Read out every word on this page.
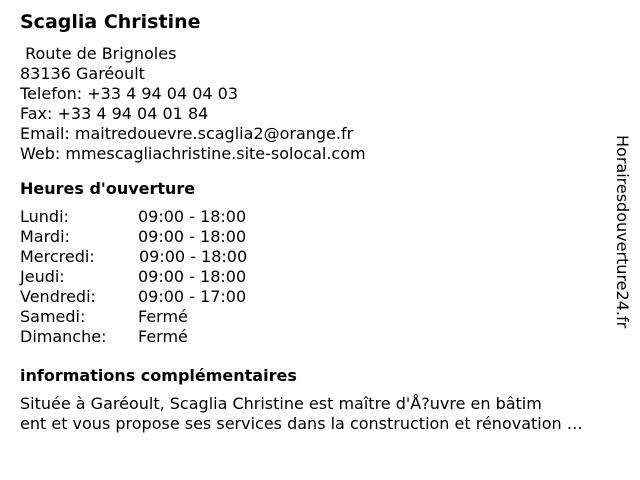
Scaglia Christine
Route de Brignoles
83136 Garéoult
Telefon: +33 4 94 04 04 03
Fax: +33 4 94 04 01 84
Email: maitredouevre.scaglia2@orange.fr
Web: mmescagliachristine.site-solocal.com
Heures d'ouverture
Lundi:	09:00 - 18:00
Mardi:	09:00 - 18:00
Mercredi:	09:00 - 18:00
Jeudi:	09:00 - 18:00
Vendredi:	09:00 - 17:00
Samedi:	Fermé
Dimanche:	Fermé
informations complémentaires
Située à Garéoult, Scaglia Christine est maître d'Å?uvre en bâtim
ent et vous propose ses services dans la construction et rénovation …
Horairesdouverture24.fr
